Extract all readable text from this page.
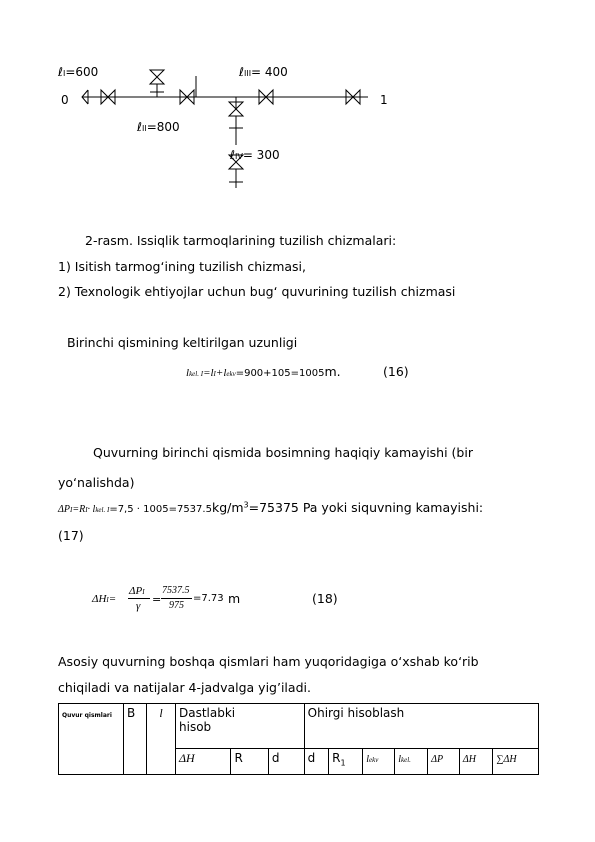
ℓI=600
ℓII=800
ℓIII= 400
ℓIV= 300
0	1
2-rasm. Issiqlik tarmoqlarining tuzilish chizmalari:
1) Isitish tarmog‘ining tuzilish chizmasi,
2) Texnologik ehtiyojlar uchun bug‘ quvurining tuzilish chizmasi
Birinchi qismining keltirilgan uzunligi
lkel. I=lI+lekv=900+105=1005m.	(16)
Quvurning birinchi qismida bosimning haqiqiy kamayishi (bir
yo‘nalishda)
ΔPI=RI· lkel. $I=7,5 \cdot 1005=7537.5kg/m^3=75375$ Pa yoki siquvning kamayishi:
(17)
ΔHI=
ΔPI
γ =
7537.5
975
=7.73 m	(18)
Asosiy quvurning boshqa qismlari ham yuqoridagiga o‘xshab ko‘rib
chiqiladi va natijalar 4-jadvalga yig’iladi.
Quvur qismlari	B	l	Dastlabki hisob			Ohirgi hisoblash						
			ΔH	R	d	d	$R_1$	lekv	lkel.	ΔP	ΔH	∑ΔH
